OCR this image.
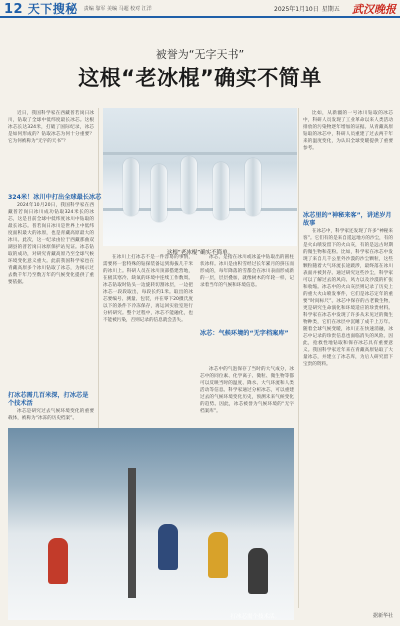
12 天下搜秘 责编 靠军 美编 马超 校对 江洋	2025年1月10日 星期五 武汉晚报
被誉为“无字天书”
这根“老冰棍”确实不简单

近日，我国科学家在西藏普若岗日冰川，钻取了全球中低纬度最长冰芯。这根冰芯长达324米，打破了国际纪录，冰芯是如何形成的？钻取冰芯为何十分重要？它为何被称为“无字的天书”？

324米！冰川中打出全球最长冰芯

2024年10月20日，我国科学家在西藏普若岗日冰川成功钻取324米长的冰芯，这是目前全球中低纬度冰川中钻取的最长冰芯。普若岗日冰川是世界上中低纬度面积最大的冰原，也是青藏高原最大的冰川。此次，这一纪录由位于西藏那曲双湖县的普若岗日冰原保护站见证。冰芯钻取的成功，对研究青藏高原乃至全球气候环境变化意义重大。此前我国科学家也在青藏高原多个冰川钻取了冰芯，为揭示过去数千年乃至数万年的气候变化提供了重要依据。

打冰芯需几百米深，打冰芯是个技术活

冰芯是研究过去气候环境变化的重要载体，被称为“冰冻的历史档案”。

这根“老冰棍”确实不简单。

在冰川上打冰芯不是一件容易的事情，需要将一套特殊的钻探装备运到海拔几千米的冰川上。科研人员在冰川顶部搭建营地，在极其寒冷、缺氧的环境中连续工作数周。冰芯钻取时钻头一边旋转切割冰层，一边把冰芯一段段取出，每段长约1米。取出的冰芯要编号、测量、包装，并在零下20摄氏度以下的条件下冷冻保存，再运回实验室进行分析研究。整个过程中，冰芯不能融化，也不能被污染，否则记录的信息就会丢失。

冰芯，是指在冰川或冰盖中钻取出的圆柱状冰样。冰川是由积雪经过长年累月的挤压而形成的，每年降落的雪都会在冰川表面形成新的一层，层层叠加，就像树木的年轮一样，记录着当年的气候和环境信息。

冰芯：气候环境的“无字档案库”

冰芯中的气泡保存了当时的大气成分，冰芯中的同位素、化学离子、微粒、微生物等都可以反映当时的温度、降水、大气环流和人类活动等信息。科学家通过分析冰芯，可以重建过去的气候环境变化历史，预测未来气候变化的趋势。因此，冰芯被誉为气候环境的“无字档案库”。

比如，从新疆的一号冰川钻取的冰芯中，科研人员发现了工业革命以来人类活动排放的污染物逐年增加的证据。从青藏高原钻取的冰芯中，科研人员重建了过去两千年来的温度变化，为认识全球变暖提供了重要参考。

冰芯里的“神秘来客”，讲述岁月故事

在冰芯中，科学家还发现了许多“神秘来客”。它们有的是来自遥远地方的沙尘，有的是火山喷发留下的火山灰，有的是远古时期的微生物和花粉。比如，科学家在冰芯中发现了来自几千公里外沙漠的沙尘颗粒，这些颗粒随着大气环流长途跋涉，最终落在冰川表面并被封存。通过研究这些沙尘，科学家可以了解过去的风向、风力以及沙漠的扩张和收缩。冰芯中的火山灰层则记录了历史上的重大火山喷发事件，它们是冰芯定年的重要“时间标尺”。冰芯中保存的古老微生物，更是研究生命演化和环境适应的珍贵材料。科学家在冰芯中发现了许多从未见过的微生物种类，它们在冰层中沉睡了成千上万年。随着全球气候变暖，冰川正在快速消融，冰芯中记录的珍贵信息也面临消失的风险。因此，抢救性地钻取和保存冰芯具有重要意义。我国科学家近年来在青藏高原钻取了大量冰芯，并建立了冰芯库，为后人研究留下宝贵的资料。

打冰芯需个技术活。	据新华社
